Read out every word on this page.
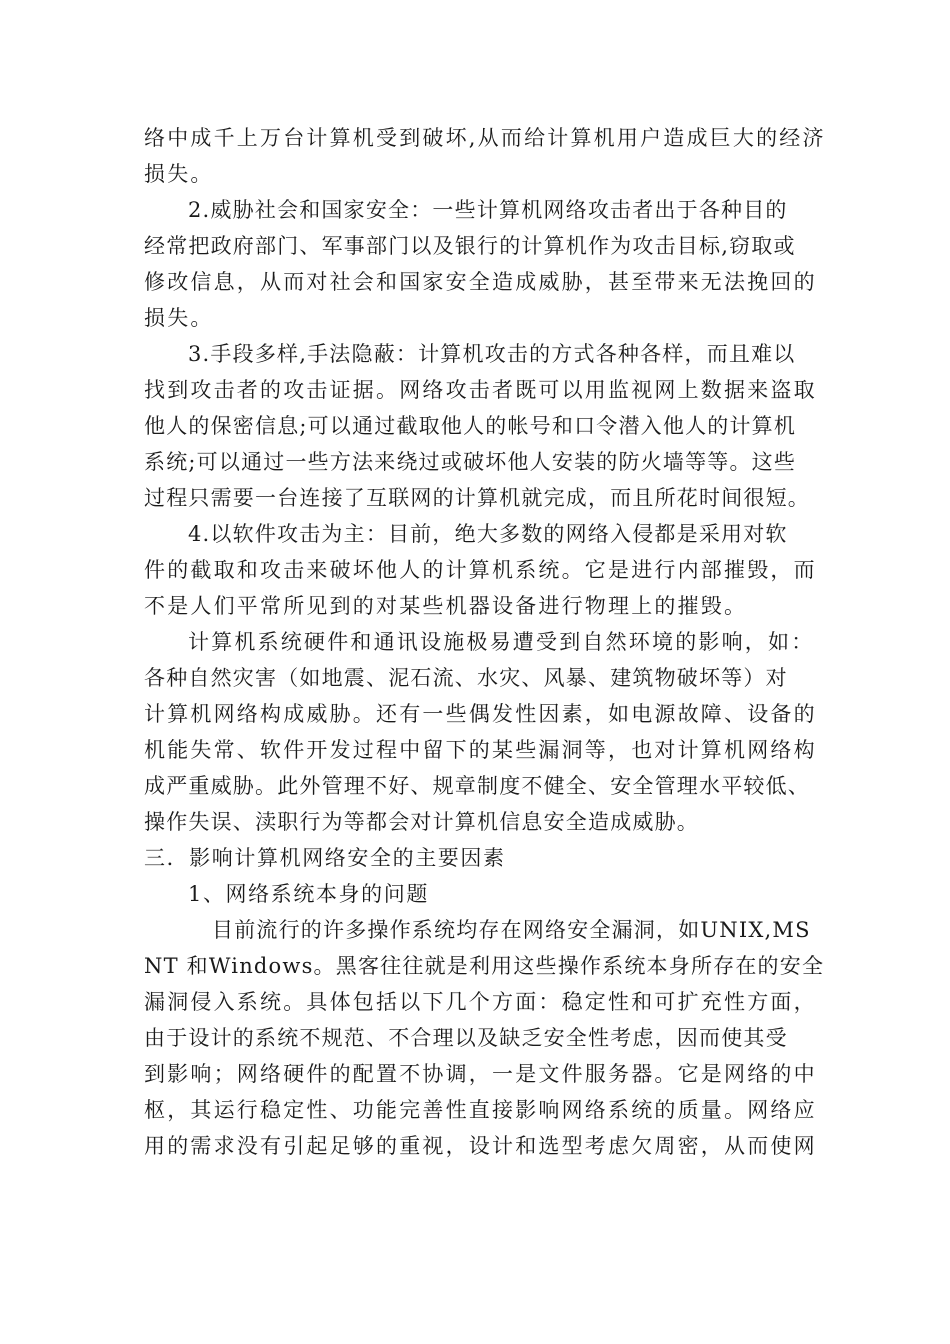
络中成千上万台计算机受到破坏,从而给计算机用户造成巨大的经济
损失。
2.威胁社会和国家安全：一些计算机网络攻击者出于各种目的
经常把政府部门、军事部门以及银行的计算机作为攻击目标,窃取或
修改信息，从而对社会和国家安全造成威胁，甚至带来无法挽回的
损失。
3.手段多样,手法隐蔽：计算机攻击的方式各种各样，而且难以
找到攻击者的攻击证据。网络攻击者既可以用监视网上数据来盗取
他人的保密信息;可以通过截取他人的帐号和口令潜入他人的计算机
系统;可以通过一些方法来绕过或破坏他人安装的防火墙等等。这些
过程只需要一台连接了互联网的计算机就完成，而且所花时间很短。
4.以软件攻击为主：目前，绝大多数的网络入侵都是采用对软
件的截取和攻击来破坏他人的计算机系统。它是进行内部摧毁，而
不是人们平常所见到的对某些机器设备进行物理上的摧毁。
计算机系统硬件和通讯设施极易遭受到自然环境的影响，如：
各种自然灾害（如地震、泥石流、水灾、风暴、建筑物破坏等）对
计算机网络构成威胁。还有一些偶发性因素，如电源故障、设备的
机能失常、软件开发过程中留下的某些漏洞等，也对计算机网络构
成严重威胁。此外管理不好、规章制度不健全、安全管理水平较低、
操作失误、渎职行为等都会对计算机信息安全造成威胁。
三．影响计算机网络安全的主要因素
1、网络系统本身的问题
目前流行的许多操作系统均存在网络安全漏洞，如UNIX,MS
NT 和Windows。黑客往往就是利用这些操作系统本身所存在的安全
漏洞侵入系统。具体包括以下几个方面：稳定性和可扩充性方面，
由于设计的系统不规范、不合理以及缺乏安全性考虑，因而使其受
到影响；网络硬件的配置不协调，一是文件服务器。它是网络的中
枢，其运行稳定性、功能完善性直接影响网络系统的质量。网络应
用的需求没有引起足够的重视，设计和选型考虑欠周密，从而使网
